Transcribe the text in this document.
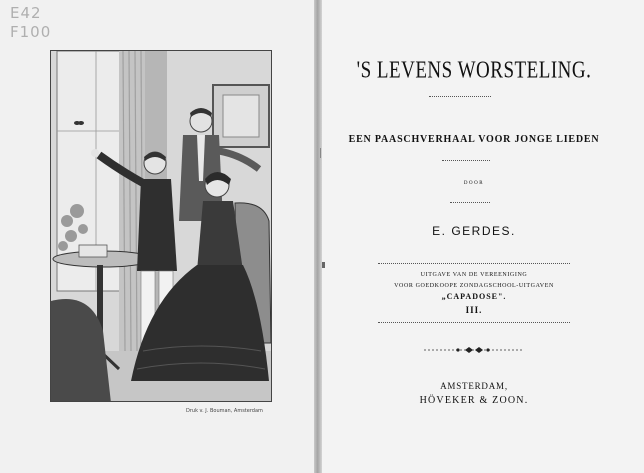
E42
F100
Druk v. J. Bouman, Amsterdam
'S LEVENS WORSTELING.
EEN PAASCHVERHAAL VOOR JONGE LIEDEN
DOOR
E. GERDES.
UITGAVE VAN DE VEREENIGING
VOOR GOEDKOOPE ZONDAGSCHOOL-UITGAVEN
„CAPADOSE".
III.
AMSTERDAM,
HÖVEKER & ZOON.
